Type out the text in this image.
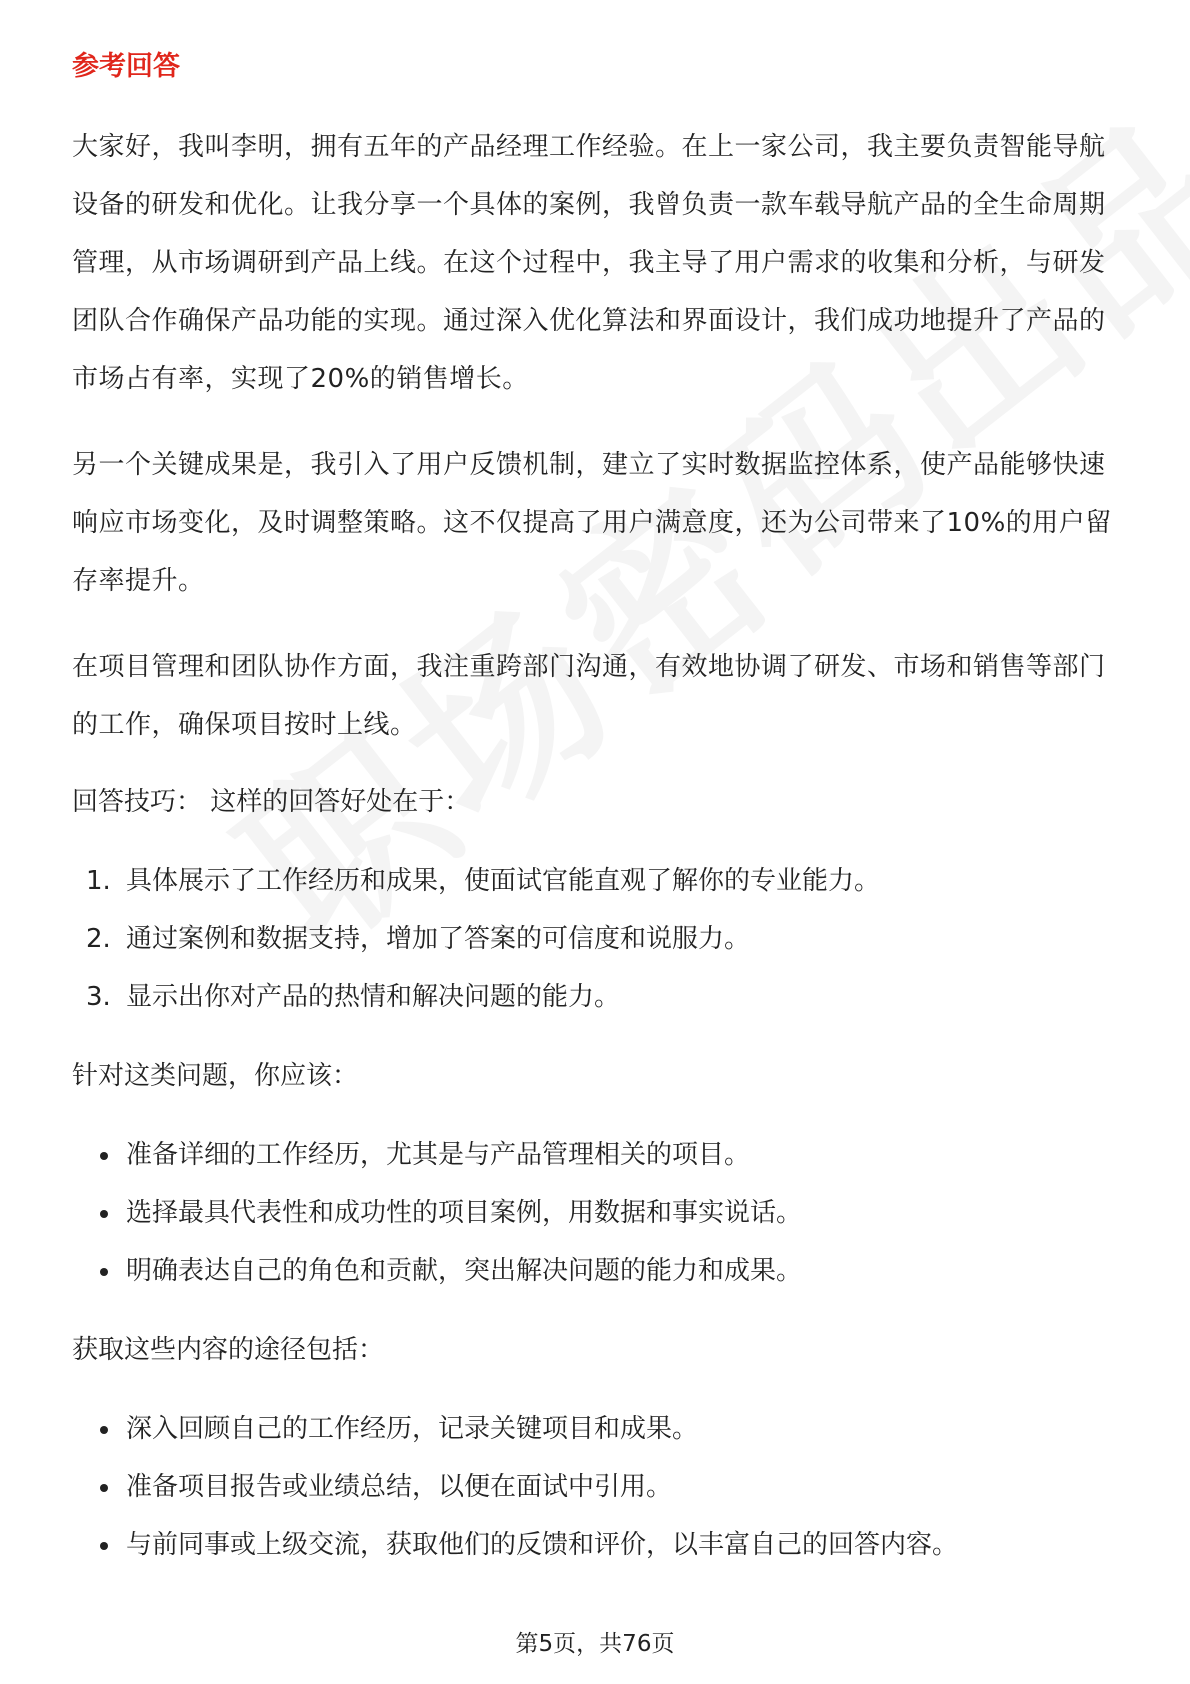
参考回答

大家好，我叫李明，拥有五年的产品经理工作经验。在上一家公司，我主要负责智能导航设备的研发和优化。让我分享一个具体的案例，我曾负责一款车载导航产品的全生命周期管理，从市场调研到产品上线。在这个过程中，我主导了用户需求的收集和分析，与研发团队合作确保产品功能的实现。通过深入优化算法和界面设计，我们成功地提升了产品的市场占有率，实现了20%的销售增长。

另一个关键成果是，我引入了用户反馈机制，建立了实时数据监控体系，使产品能够快速响应市场变化，及时调整策略。这不仅提高了用户满意度，还为公司带来了10%的用户留存率提升。

在项目管理和团队协作方面，我注重跨部门沟通，有效地协调了研发、市场和销售等部门的工作，确保项目按时上线。

回答技巧： 这样的回答好处在于：
1. 具体展示了工作经历和成果，使面试官能直观了解你的专业能力。
2. 通过案例和数据支持，增加了答案的可信度和说服力。
3. 显示出你对产品的热情和解决问题的能力。
针对这类问题，你应该：
准备详细的工作经历，尤其是与产品管理相关的项目。
选择最具代表性和成功性的项目案例，用数据和事实说话。
明确表达自己的角色和贡献，突出解决问题的能力和成果。
获取这些内容的途径包括：
深入回顾自己的工作经历，记录关键项目和成果。
准备项目报告或业绩总结，以便在面试中引用。
与前同事或上级交流，获取他们的反馈和评价，以丰富自己的回答内容。
第5页，共76页
